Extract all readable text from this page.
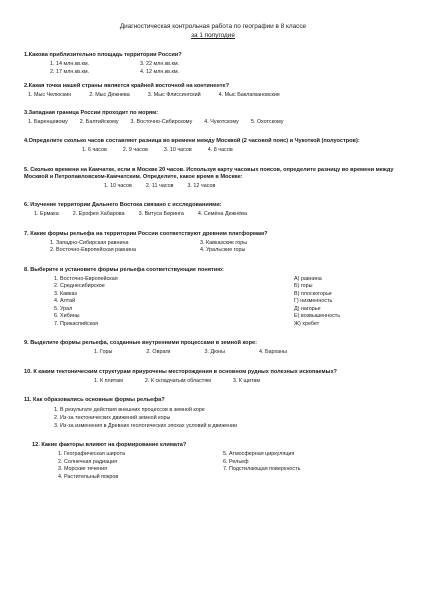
Диагностическая контрольная работа по географии в 8 классе
за 1 полугодие
1.Какова приблизительно площадь территории России?
1. 14 млн.кв.км.	3. 22 млн.кв.км.
2. 17 млн.кв.км.	4. 12 млн.кв.км.
2.Какая точка нашей страны является крайней восточной на континенте?
1. Мыс Челюскин	2. Мыс Дежнева	3. Мыс Флиссингский	4. Мыс Баклагвановские
3.Западная граница России проходит по морям:
1. Баренцевому 2. Балтийскому 3. Восточно-Сибирскому 4. Чукотскому 5. Охотскому
4.Определите сколько часов составляет разница во времени между Москвой (2 часовой пояс) и Чукоткой (полуостров):
1. 6 часов	2. 9 часов	3. 10 часов	4. 8 часов
5. Сколько времени на Камчатке, если в Москве 20 часов. Используя карту часовых поясов, определите разницу во времени между Москвой и Петропавловском-Камчатским. Определите, какое время в Москве:
1. 10 часов	2. 11 часов	3. 12 часов
6. Изучение территории Дальнего Востока связано с исследованиями:
1. Ермака	2. Ерофея Хабарова	3. Витуса Беринга	4. Семёна Дежнёва
7. Какие формы рельефа на территории России соответствуют древним платформам?
1. Западно-Сибирская равнина	3. Кавказские горы
2. Восточно-Европейская равнина	4. Уральские горы
8. Выберите и установите формы рельефа соответствующие понятию:
1. Восточно-Европейская	А) равнина
2. Среднесибирское	Б) горы
3. Кавказ	В) плоскогорье
4. Алтай	Г) низменность
5. Урал	Д) нагорье
6. Хибины	Е) возвышенность
7. Прикаспийская	Ж) хребет
9. Выделите формы рельефа, созданные внутренними процессами в земной коре:
1. Горы	2. Овраги	3. Дюны	4. Барханы
10. К каким тектоническим структурам приурочены месторождения в основном рудных полезных ископаемых?
1. К плитам	2. К складчатым областям	3. К щитам
11. Как образовались основные формы рельефа?
1. В результате действия внешних процессов в земной коре
2. Из-за тектонических движений земной коры
3. Из-за изменения в Древних геологических эпохах условий в движении
12. Какие факторы влияют на формирование климата?
1. Географическая широта	5. Атмосферная циркуляция
2. Солнечная радиация	6. Рельеф
3. Морские течения	7. Подстилающая поверхность
4. Растительный покров
